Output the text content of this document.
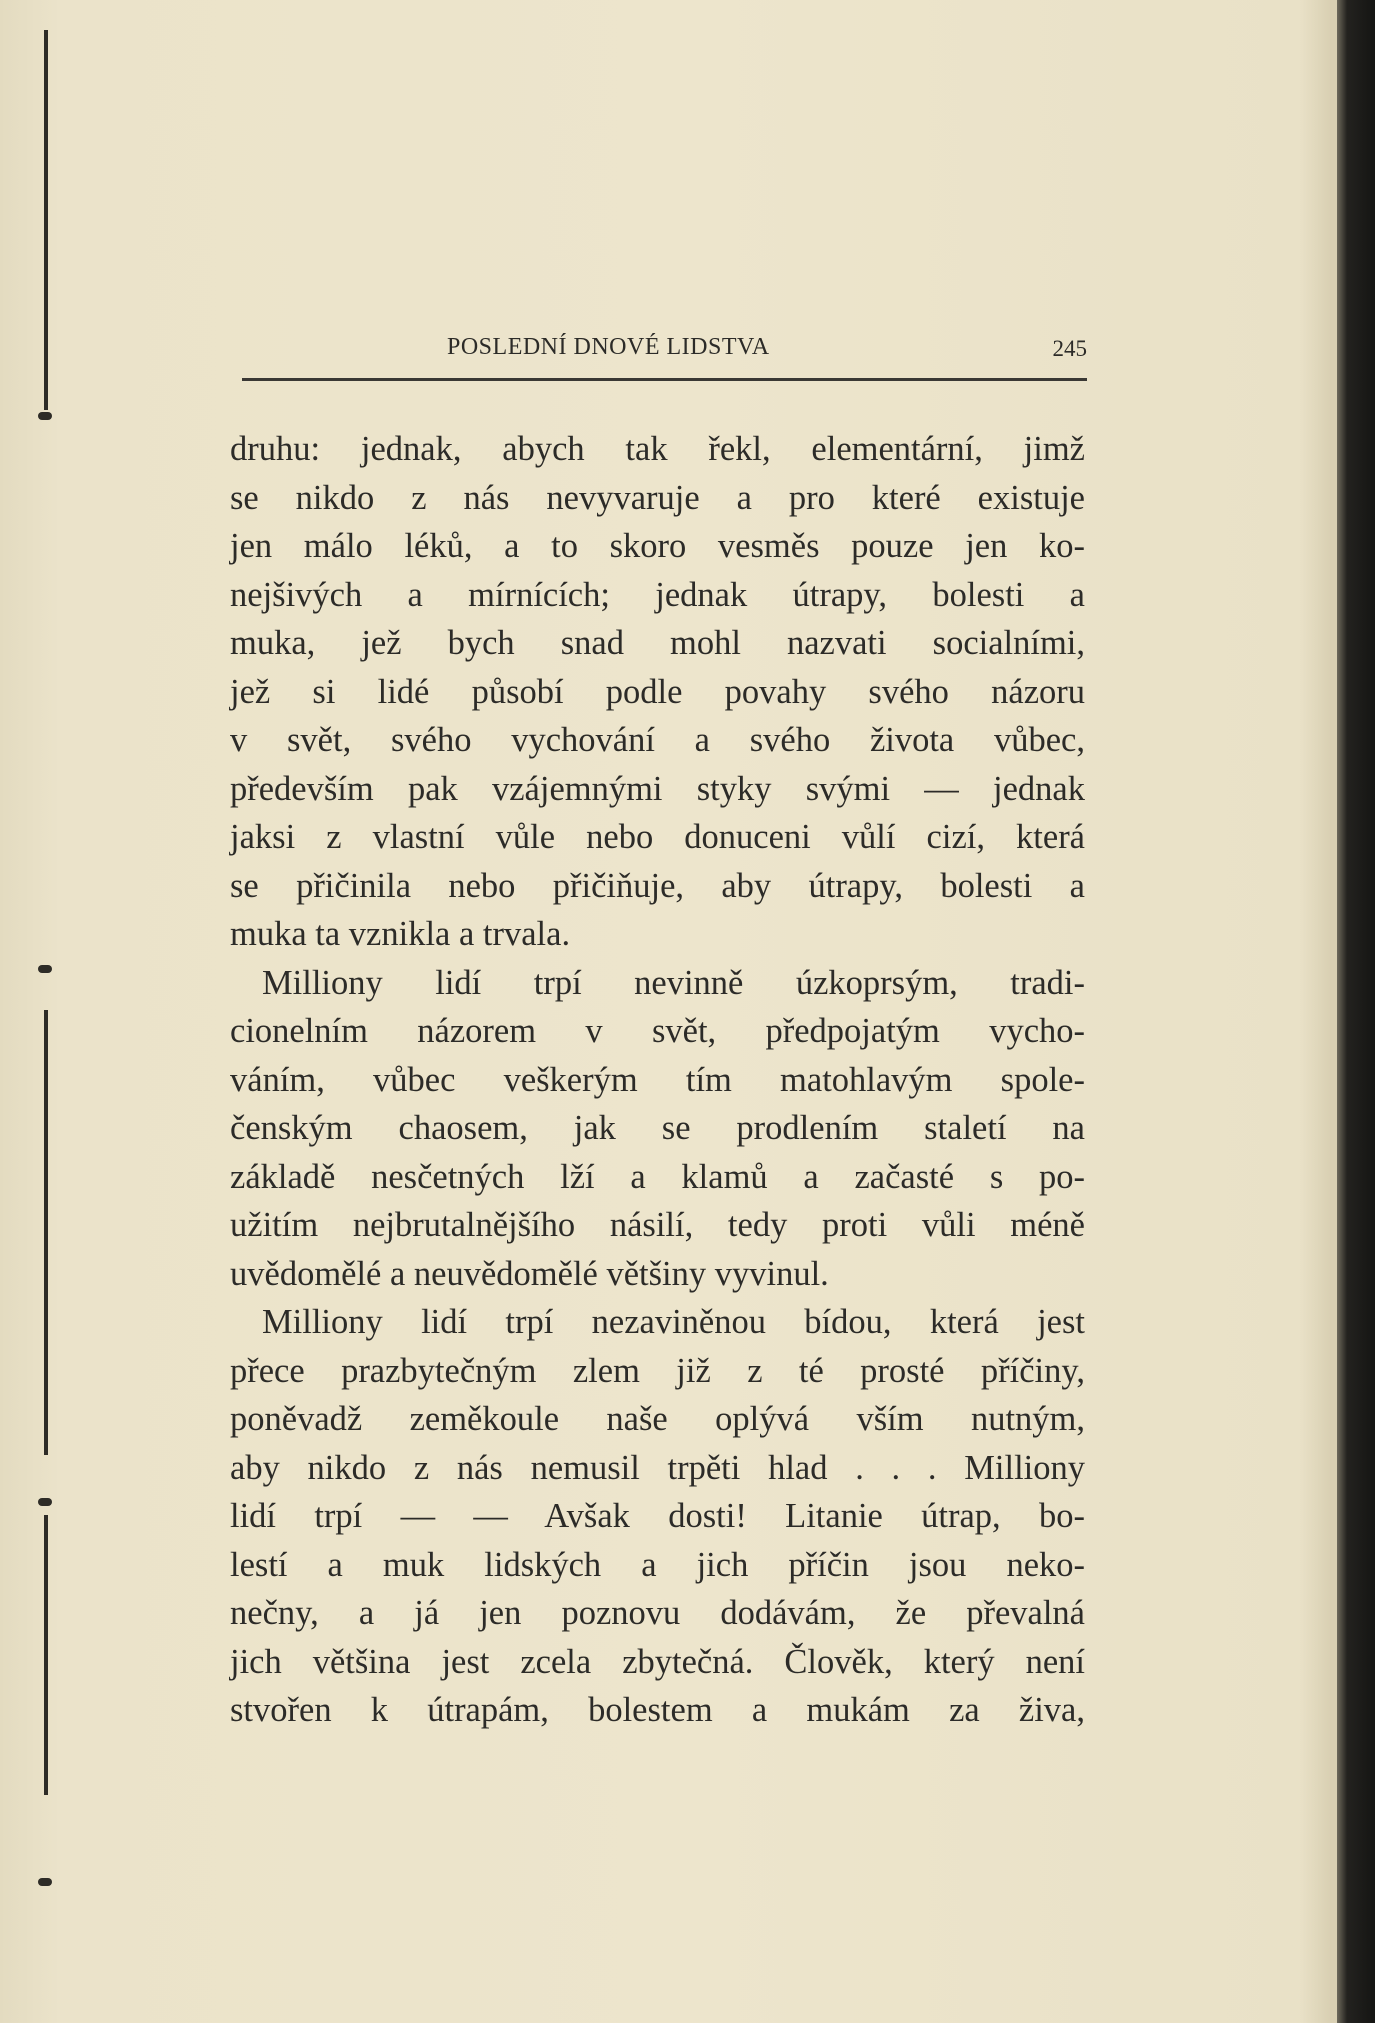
POSLEDNÍ DNOVÉ LIDSTVA	245
druhu: jednak, abych tak řekl, elementární, jimž
se nikdo z nás nevyvaruje a pro které existuje
jen málo léků, a to skoro vesměs pouze jen ko-
nejšivých a mírnících; jednak útrapy, bolesti a
muka, jež bych snad mohl nazvati socialními,
jež si lidé působí podle povahy svého názoru
v svět, svého vychování a svého života vůbec,
především pak vzájemnými styky svými — jednak
jaksi z vlastní vůle nebo donuceni vůlí cizí, která
se přičinila nebo přičiňuje, aby útrapy, bolesti a
muka ta vznikla a trvala.
Milliony lidí trpí nevinně úzkoprsým, tradi-
cionelním názorem v svět, předpojatým vycho-
váním, vůbec veškerým tím matohlavým spole-
čenským chaosem, jak se prodlením staletí na
základě nesčetných lží a klamů a začasté s po-
užitím nejbrutalnějšího násilí, tedy proti vůli méně
uvědomělé a neuvědomělé většiny vyvinul.
Milliony lidí trpí nezaviněnou bídou, která jest
přece prazbytečným zlem již z té prosté příčiny,
poněvadž zeměkoule naše oplývá vším nutným,
aby nikdo z nás nemusil trpěti hlad . . . Milliony
lidí trpí — — Avšak dosti! Litanie útrap, bo-
lestí a muk lidských a jich příčin jsou neko-
nečny, a já jen poznovu dodávám, že převalná
jich většina jest zcela zbytečná. Člověk, který není
stvořen k útrapám, bolestem a mukám za živa,
